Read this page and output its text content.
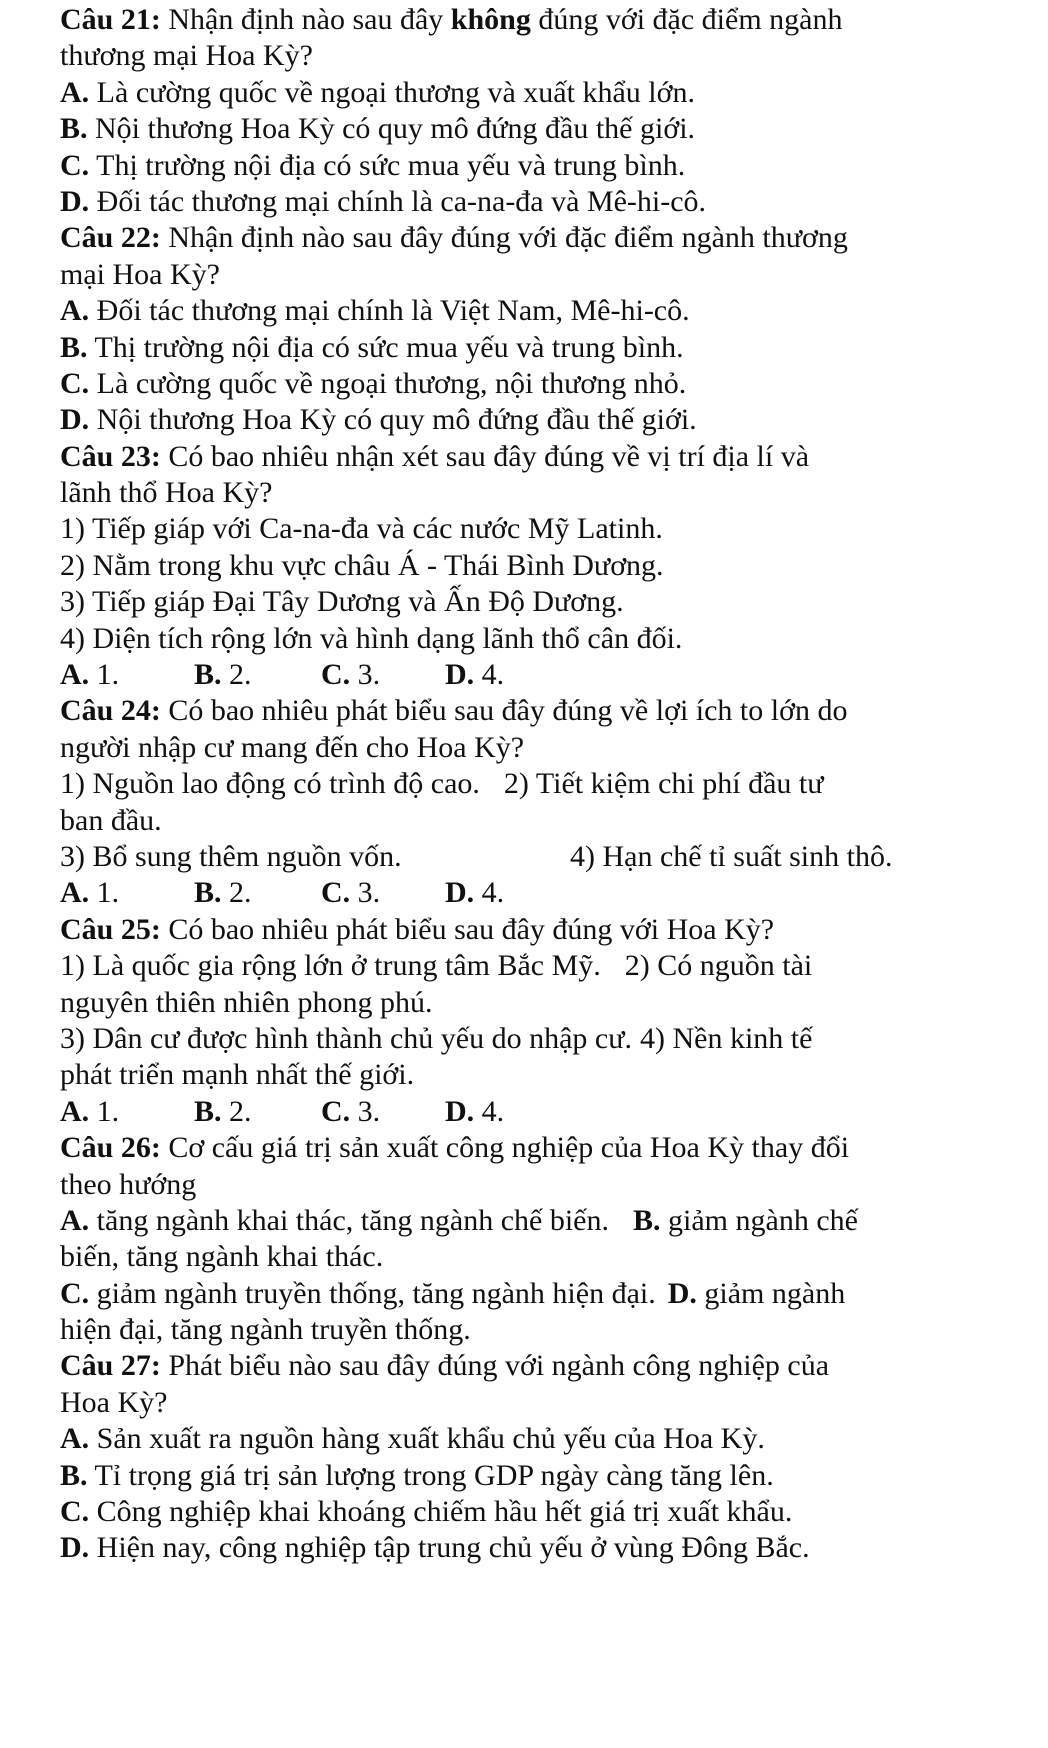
Câu 21: Nhận định nào sau đây không đúng với đặc điểm ngành
thương mại Hoa Kỳ?
A. Là cường quốc về ngoại thương và xuất khẩu lớn.
B. Nội thương Hoa Kỳ có quy mô đứng đầu thế giới.
C. Thị trường nội địa có sức mua yếu và trung bình.
D. Đối tác thương mại chính là ca-na-đa và Mê-hi-cô.
Câu 22: Nhận định nào sau đây đúng với đặc điểm ngành thương
mại Hoa Kỳ?
A. Đối tác thương mại chính là Việt Nam, Mê-hi-cô.
B. Thị trường nội địa có sức mua yếu và trung bình.
C. Là cường quốc về ngoại thương, nội thương nhỏ.
D. Nội thương Hoa Kỳ có quy mô đứng đầu thế giới.
Câu 23: Có bao nhiêu nhận xét sau đây đúng về vị trí địa lí và
lãnh thổ Hoa Kỳ?
1) Tiếp giáp với Ca-na-đa và các nước Mỹ Latinh.
2) Nằm trong khu vực châu Á - Thái Bình Dương.
3) Tiếp giáp Đại Tây Dương và Ấn Độ Dương.
4) Diện tích rộng lớn và hình dạng lãnh thổ cân đối.
A. 1. B. 2. C. 3. D. 4.
Câu 24: Có bao nhiêu phát biểu sau đây đúng về lợi ích to lớn do
người nhập cư mang đến cho Hoa Kỳ?
1) Nguồn lao động có trình độ cao. 2) Tiết kiệm chi phí đầu tư
ban đầu.
3) Bổ sung thêm nguồn vốn.	4) Hạn chế tỉ suất sinh thô.
A. 1. B. 2. C. 3. D. 4.
Câu 25: Có bao nhiêu phát biểu sau đây đúng với Hoa Kỳ?
1) Là quốc gia rộng lớn ở trung tâm Bắc Mỹ. 2) Có nguồn tài
nguyên thiên nhiên phong phú.
3) Dân cư được hình thành chủ yếu do nhập cư. 4) Nền kinh tế
phát triển mạnh nhất thế giới.
A. 1. B. 2. C. 3. D. 4.
Câu 26: Cơ cấu giá trị sản xuất công nghiệp của Hoa Kỳ thay đổi
theo hướng
A. tăng ngành khai thác, tăng ngành chế biến. B. giảm ngành chế
biến, tăng ngành khai thác.
C. giảm ngành truyền thống, tăng ngành hiện đại. D. giảm ngành
hiện đại, tăng ngành truyền thống.
Câu 27: Phát biểu nào sau đây đúng với ngành công nghiệp của
Hoa Kỳ?
A. Sản xuất ra nguồn hàng xuất khẩu chủ yếu của Hoa Kỳ.
B. Tỉ trọng giá trị sản lượng trong GDP ngày càng tăng lên.
C. Công nghiệp khai khoáng chiếm hầu hết giá trị xuất khẩu.
D. Hiện nay, công nghiệp tập trung chủ yếu ở vùng Đông Bắc.
